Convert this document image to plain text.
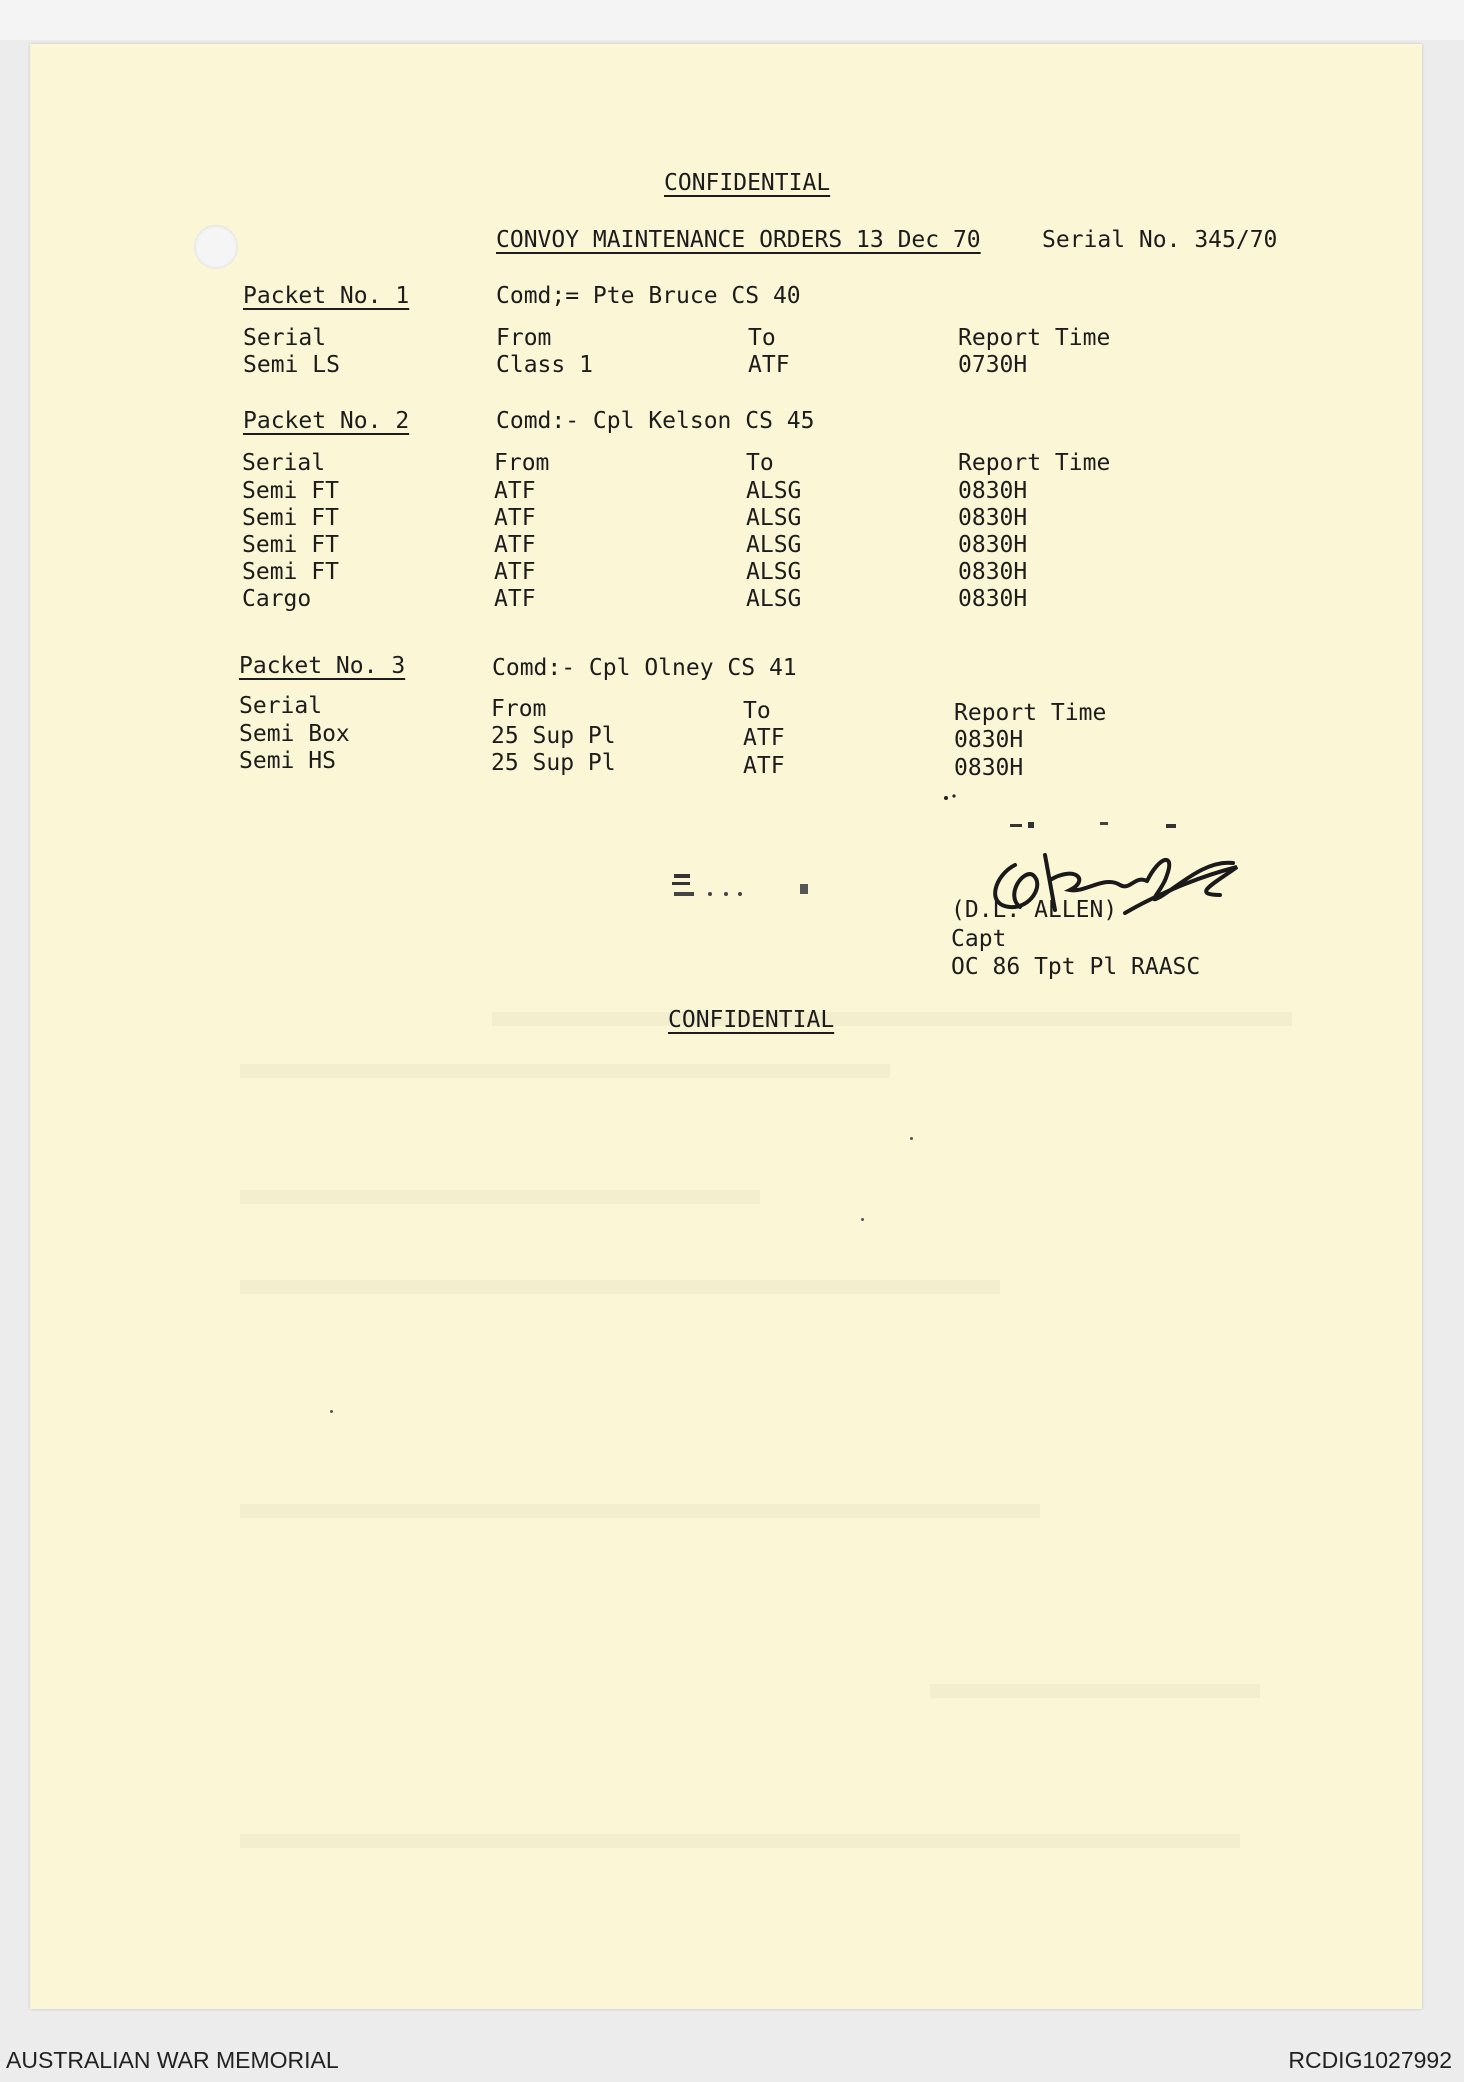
CONFIDENTIAL
CONVOY MAINTENANCE ORDERS 13 Dec 70	Serial No. 345/70
Packet No. 1	Comd;= Pte Bruce CS 40
Serial	From	To	Report Time
Semi LS	Class 1	ATF	0730H
Packet No. 2	Comd:- Cpl Kelson CS 45
Serial	From	To	Report Time
Semi FT	ATF	ALSG	0830H
Semi FT	ATF	ALSG	0830H
Semi FT	ATF	ALSG	0830H
Semi FT	ATF	ALSG	0830H
Cargo	ATF	ALSG	0830H
Packet No. 3	Comd:- Cpl Olney CS 41
Serial	From	To	Report Time
Semi Box	25 Sup Pl	ATF	0830H
Semi HS	25 Sup Pl	ATF	0830H
(D.L. ALLEN)
Capt
OC 86 Tpt Pl RAASC
CONFIDENTIAL
AUSTRALIAN WAR MEMORIAL	RCDIG1027992
